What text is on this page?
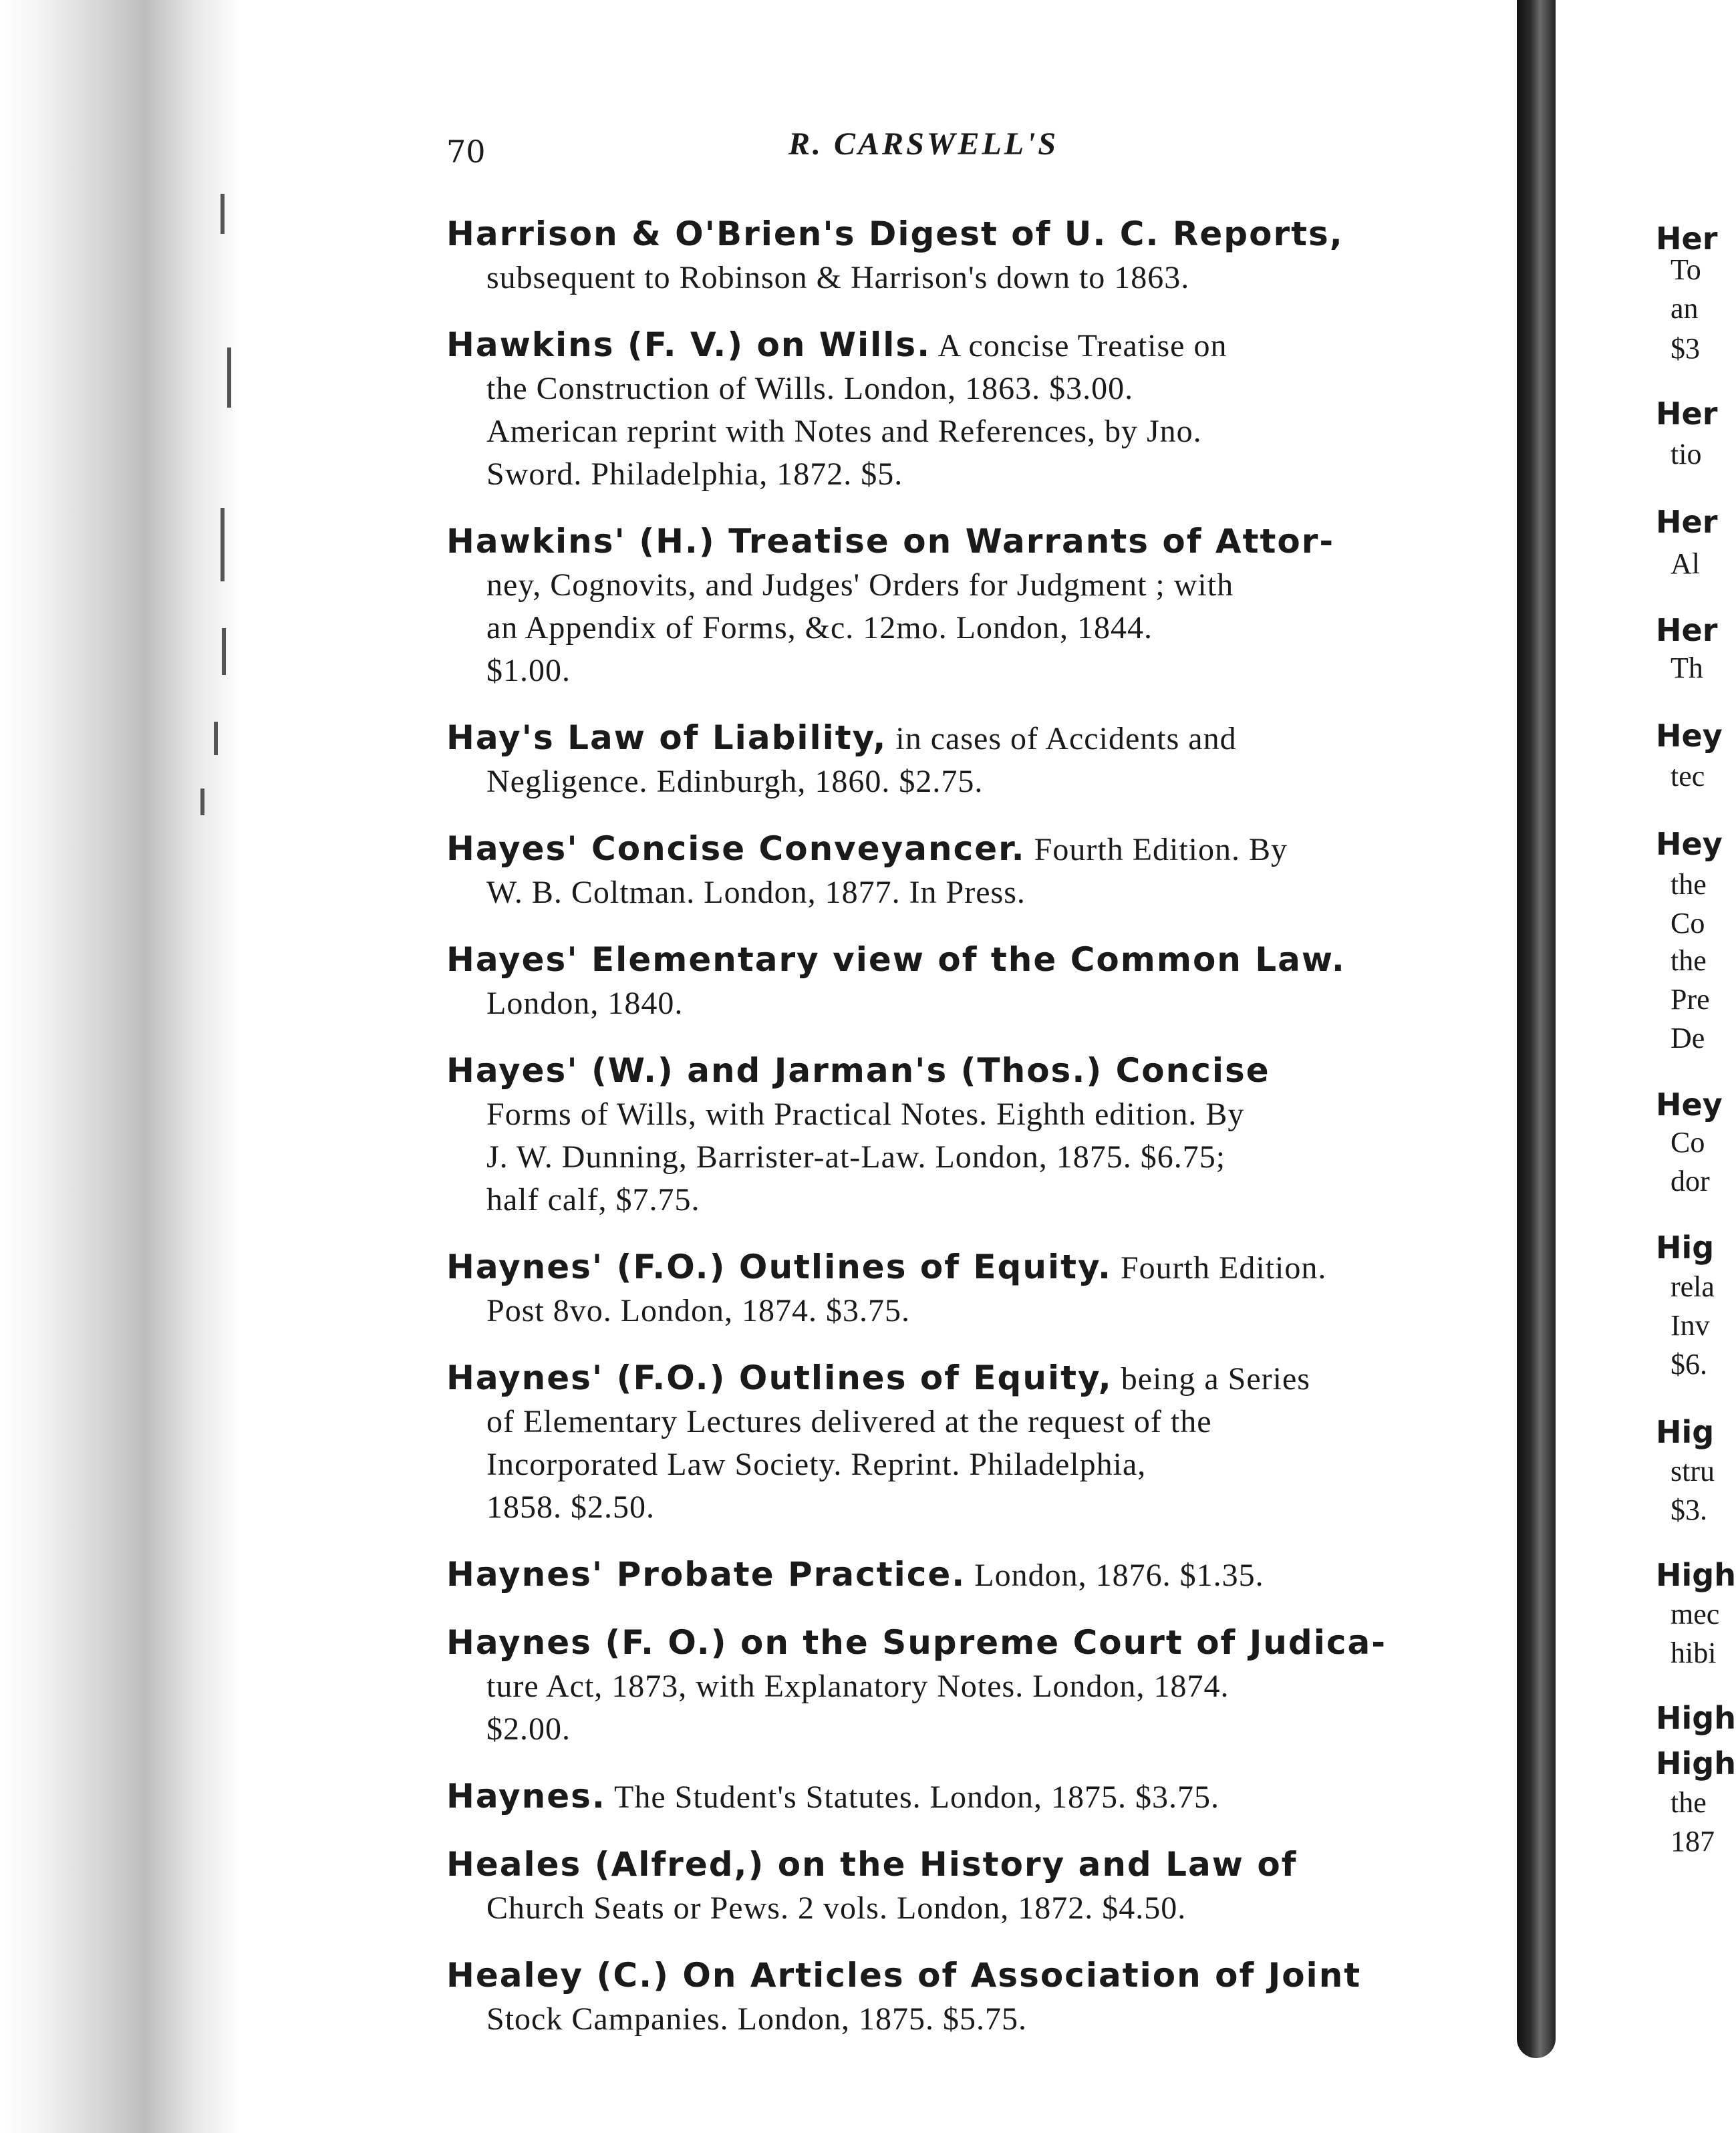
70	R. CARSWELL'S
Harrison & O'Brien's Digest of U. C. Reports,
subsequent to Robinson & Harrison's down to 1863.
Hawkins (F. V.) on Wills. A concise Treatise on
the Construction of Wills. London, 1863. $3.00.
American reprint with Notes and References, by Jno.
Sword. Philadelphia, 1872. $5.
Hawkins' (H.) Treatise on Warrants of Attor-
ney, Cognovits, and Judges' Orders for Judgment ; with
an Appendix of Forms, &c. 12mo. London, 1844.
$1.00.
Hay's Law of Liability, in cases of Accidents and
Negligence. Edinburgh, 1860. $2.75.
Hayes' Concise Conveyancer. Fourth Edition. By
W. B. Coltman. London, 1877. In Press.
Hayes' Elementary view of the Common Law.
London, 1840.
Hayes' (W.) and Jarman's (Thos.) Concise
Forms of Wills, with Practical Notes. Eighth edition. By
J. W. Dunning, Barrister-at-Law. London, 1875. $6.75;
half calf, $7.75.
Haynes' (F.O.) Outlines of Equity. Fourth Edition.
Post 8vo. London, 1874. $3.75.
Haynes' (F.O.) Outlines of Equity, being a Series
of Elementary Lectures delivered at the request of the
Incorporated Law Society. Reprint. Philadelphia,
1858. $2.50.
Haynes' Probate Practice. London, 1876. $1.35.
Haynes (F. O.) on the Supreme Court of Judica-
ture Act, 1873, with Explanatory Notes. London, 1874.
$2.00.
Haynes. The Student's Statutes. London, 1875. $3.75.
Heales (Alfred,) on the History and Law of
Church Seats or Pews. 2 vols. London, 1872. $4.50.
Healey (C.) On Articles of Association of Joint
Stock Campanies. London, 1875. $5.75.
Her
To
an
$3
Her
tio
Her
Al
Her
Th
Hey
tec
Hey
the
Co
the
Pre
De
Hey
Co
dor
Hig
rela
Inv
$6.
Hig
stru
$3.
High
mec
hibi
High
High
the
187
